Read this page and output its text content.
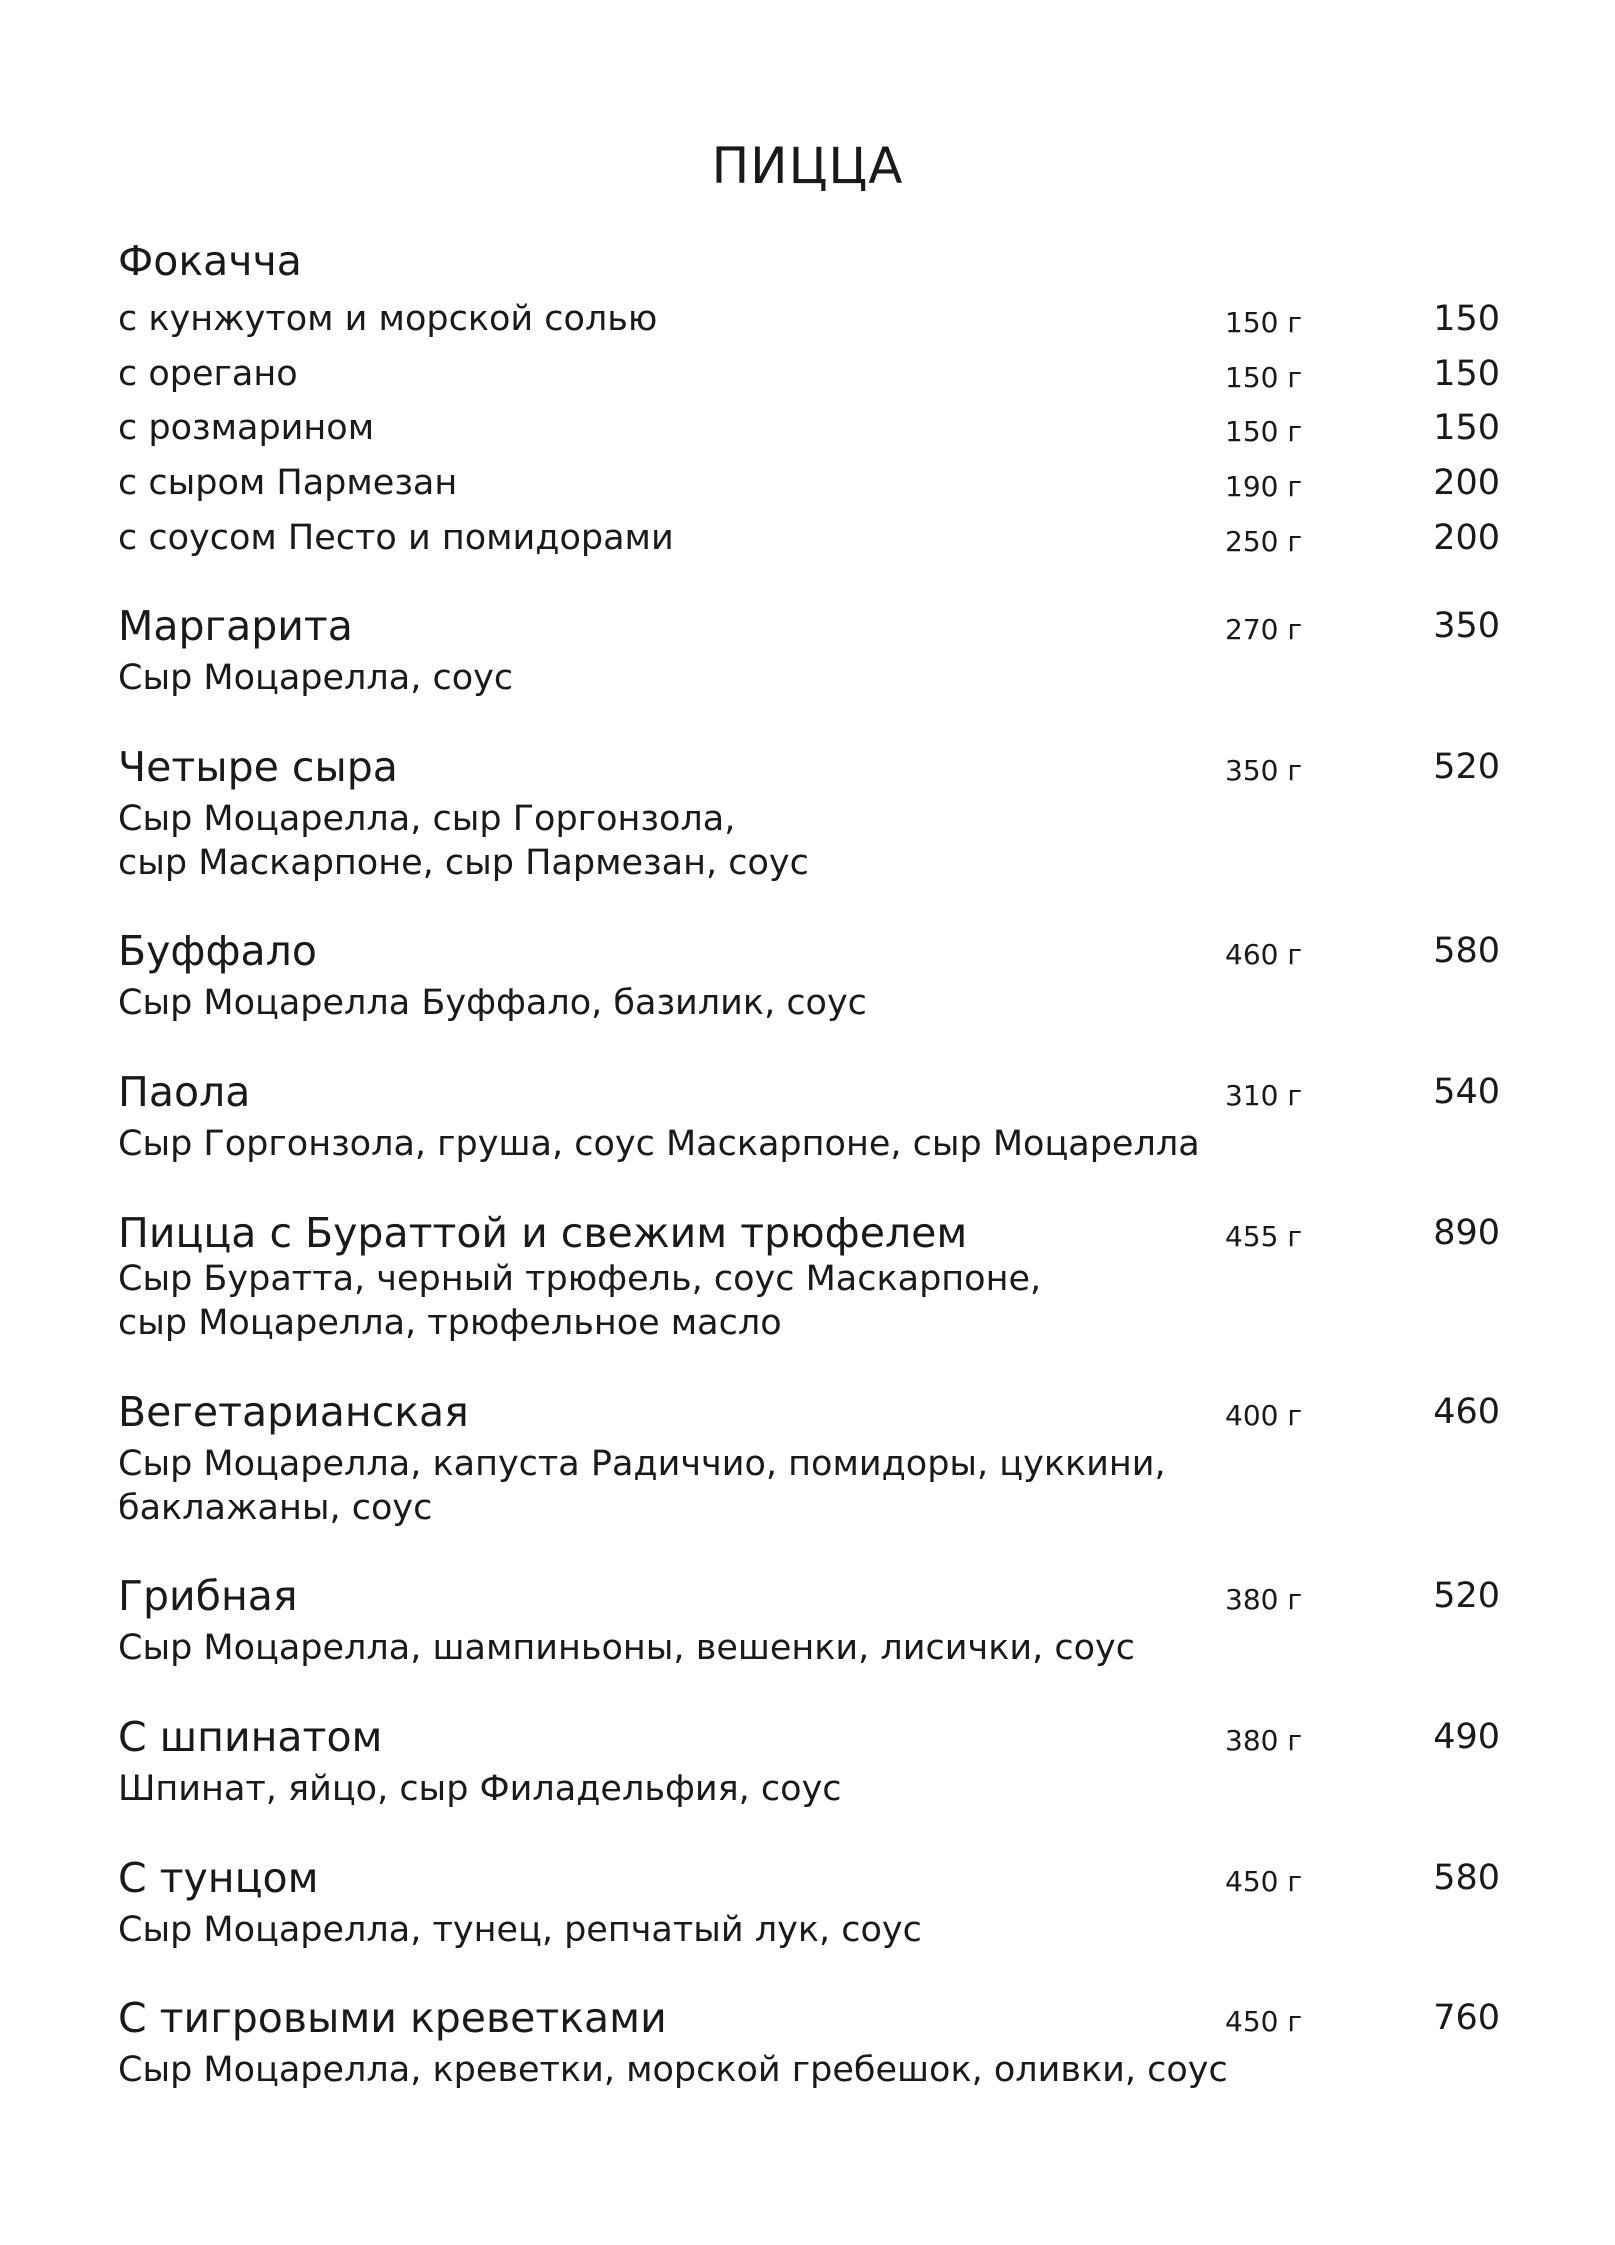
ПИЦЦА
Фокачча
с кунжутом и морской солью	150 г	150
с орегано	150 г	150
с розмарином	150 г	150
с сыром Пармезан	190 г	200
с соусом Песто и помидорами	250 г	200
Маргарита	270 г	350
Сыр Моцарелла, соус
Четыре сыра	350 г	520
Сыр Моцарелла, сыр Горгонзола,
сыр Маскарпоне, сыр Пармезан, соус
Буффало	460 г	580
Сыр Моцарелла Буффало, базилик, соус
Паола	310 г	540
Сыр Горгонзола, груша, соус Маскарпоне, сыр Моцарелла
Пицца с Бураттой и свежим трюфелем	455 г	890
Сыр Буратта, черный трюфель, соус Маскарпоне,
сыр Моцарелла, трюфельное масло
Вегетарианская	400 г	460
Сыр Моцарелла, капуста Радиччио, помидоры, цуккини,
баклажаны, соус
Грибная	380 г	520
Сыр Моцарелла, шампиньоны, вешенки, лисички, соус
С шпинатом	380 г	490
Шпинат, яйцо, сыр Филадельфия, соус
С тунцом	450 г	580
Сыр Моцарелла, тунец, репчатый лук, соус
С тигровыми креветками	450 г	760
Сыр Моцарелла, креветки, морской гребешок, оливки, соус
